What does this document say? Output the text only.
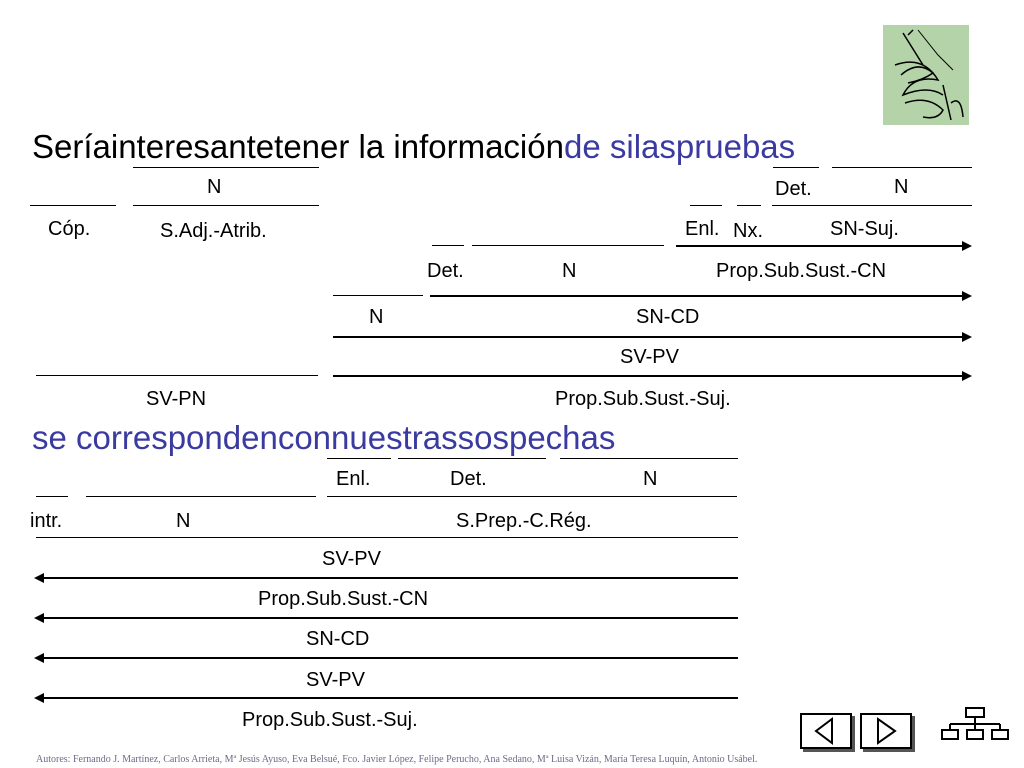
Seríainteresantetener la informaciónde silaspruebas
N	Det.	N
Cóp.	S.Adj.-Atrib.	Enl. Nx.	SN-Suj.
Det.	N	Prop.Sub.Sust.-CN
N	SN-CD
SV-PV
SV-PN	Prop.Sub.Sust.-Suj.
se correspondenconnuestrassospechas
Enl.	Det.	N
intr.	N	S.Prep.-C.Rég.
SV-PV
Prop.Sub.Sust.-CN
SN-CD
SV-PV
Prop.Sub.Sust.-Suj.
Autores: Fernando J. Martínez, Carlos Arrieta, Mª Jesús Ayuso, Eva Belsué, Fco. Javier López, Felipe Perucho, Ana Sedano, Mª Luisa Vizán, María Teresa Luquín, Antonio Usábel.
